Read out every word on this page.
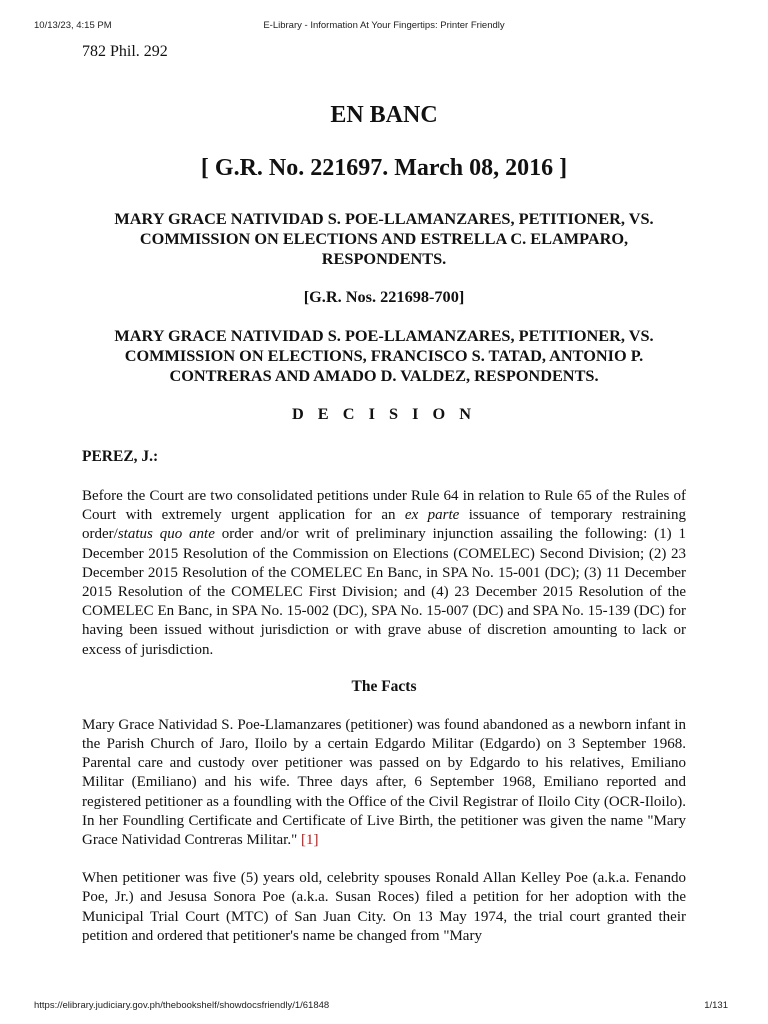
10/13/23, 4:15 PM	E-Library - Information At Your Fingertips: Printer Friendly
782 Phil. 292
EN BANC
[ G.R. No. 221697. March 08, 2016 ]
MARY GRACE NATIVIDAD S. POE-LLAMANZARES, PETITIONER, VS. COMMISSION ON ELECTIONS AND ESTRELLA C. ELAMPARO, RESPONDENTS.
[G.R. Nos. 221698-700]
MARY GRACE NATIVIDAD S. POE-LLAMANZARES, PETITIONER, VS. COMMISSION ON ELECTIONS, FRANCISCO S. TATAD, ANTONIO P. CONTRERAS AND AMADO D. VALDEZ, RESPONDENTS.
D E C I S I O N
PEREZ, J.:

Before the Court are two consolidated petitions under Rule 64 in relation to Rule 65 of the Rules of Court with extremely urgent application for an ex parte issuance of temporary restraining order/status quo ante order and/or writ of preliminary injunction assailing the following: (1) 1 December 2015 Resolution of the Commission on Elections (COMELEC) Second Division; (2) 23 December 2015 Resolution of the COMELEC En Banc, in SPA No. 15-001 (DC); (3) 11 December 2015 Resolution of the COMELEC First Division; and (4) 23 December 2015 Resolution of the COMELEC En Banc, in SPA No. 15-002 (DC), SPA No. 15-007 (DC) and SPA No. 15-139 (DC) for having been issued without jurisdiction or with grave abuse of discretion amounting to lack or excess of jurisdiction.

The Facts

Mary Grace Natividad S. Poe-Llamanzares (petitioner) was found abandoned as a newborn infant in the Parish Church of Jaro, Iloilo by a certain Edgardo Militar (Edgardo) on 3 September 1968. Parental care and custody over petitioner was passed on by Edgardo to his relatives, Emiliano Militar (Emiliano) and his wife. Three days after, 6 September 1968, Emiliano reported and registered petitioner as a foundling with the Office of the Civil Registrar of Iloilo City (OCR-Iloilo). In her Foundling Certificate and Certificate of Live Birth, the petitioner was given the name "Mary Grace Natividad Contreras Militar." [1]

When petitioner was five (5) years old, celebrity spouses Ronald Allan Kelley Poe (a.k.a. Fenando Poe, Jr.) and Jesusa Sonora Poe (a.k.a. Susan Roces) filed a petition for her adoption with the Municipal Trial Court (MTC) of San Juan City. On 13 May 1974, the trial court granted their petition and ordered that petitioner's name be changed from "Mary

https://elibrary.judiciary.gov.ph/thebookshelf/showdocsfriendly/1/61848	1/131
